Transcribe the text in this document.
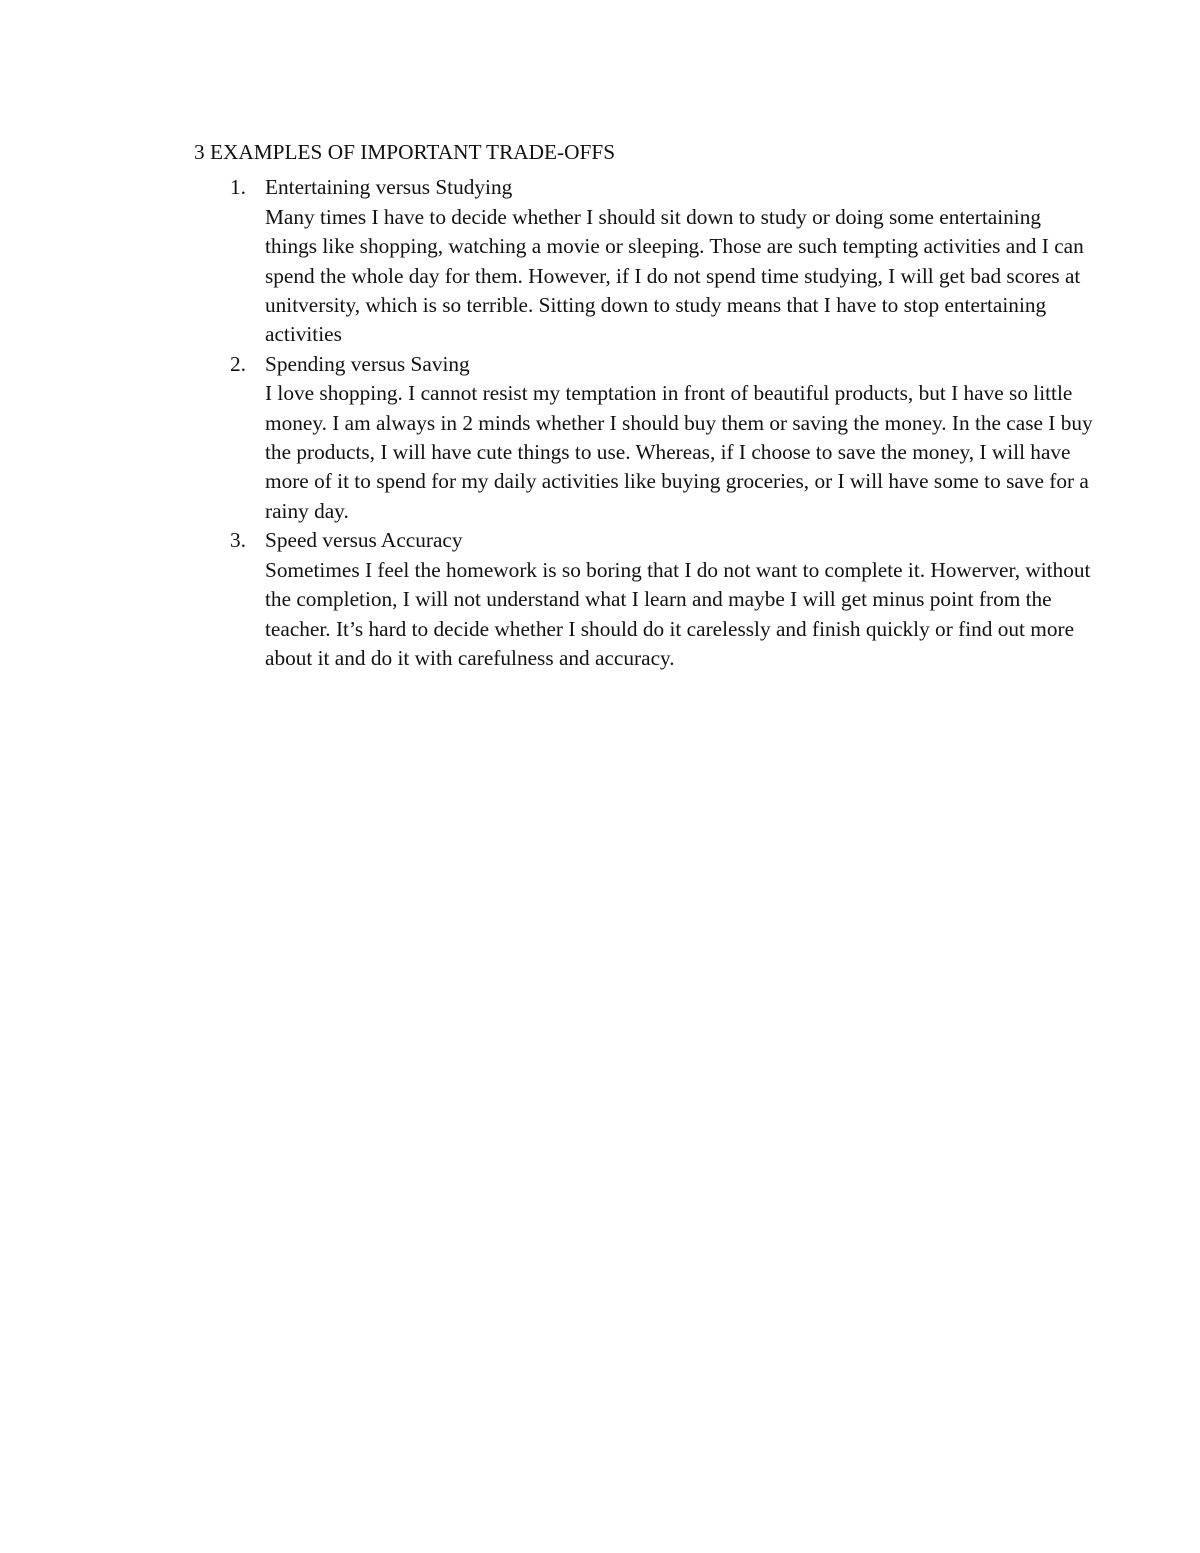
3 EXAMPLES OF IMPORTANT TRADE-OFFS
1. Entertaining versus Studying
Many times I have to decide whether I should sit down to study or doing some entertaining things like shopping, watching a movie or sleeping. Those are such tempting activities and I can spend the whole day for them. However, if I do not spend time studying, I will get bad scores at unitversity, which is so terrible. Sitting down to study means that I have to stop entertaining activities
2. Spending versus Saving
I love shopping. I cannot resist my temptation in front of beautiful products, but I have so little money. I am always in 2 minds whether I should buy them or saving the money. In the case I buy the products, I will have cute things to use. Whereas, if I choose to save the money, I will have more of it to spend for my daily activities like buying groceries, or I will have some to save for a rainy day.
3. Speed versus Accuracy
Sometimes I feel the homework is so boring that I do not want to complete it. Howerver, without the completion, I will not understand what I learn and maybe I will get minus point from the teacher. It’s hard to decide whether I should do it carelessly and finish quickly or find out more about it and do it with carefulness and accuracy.
